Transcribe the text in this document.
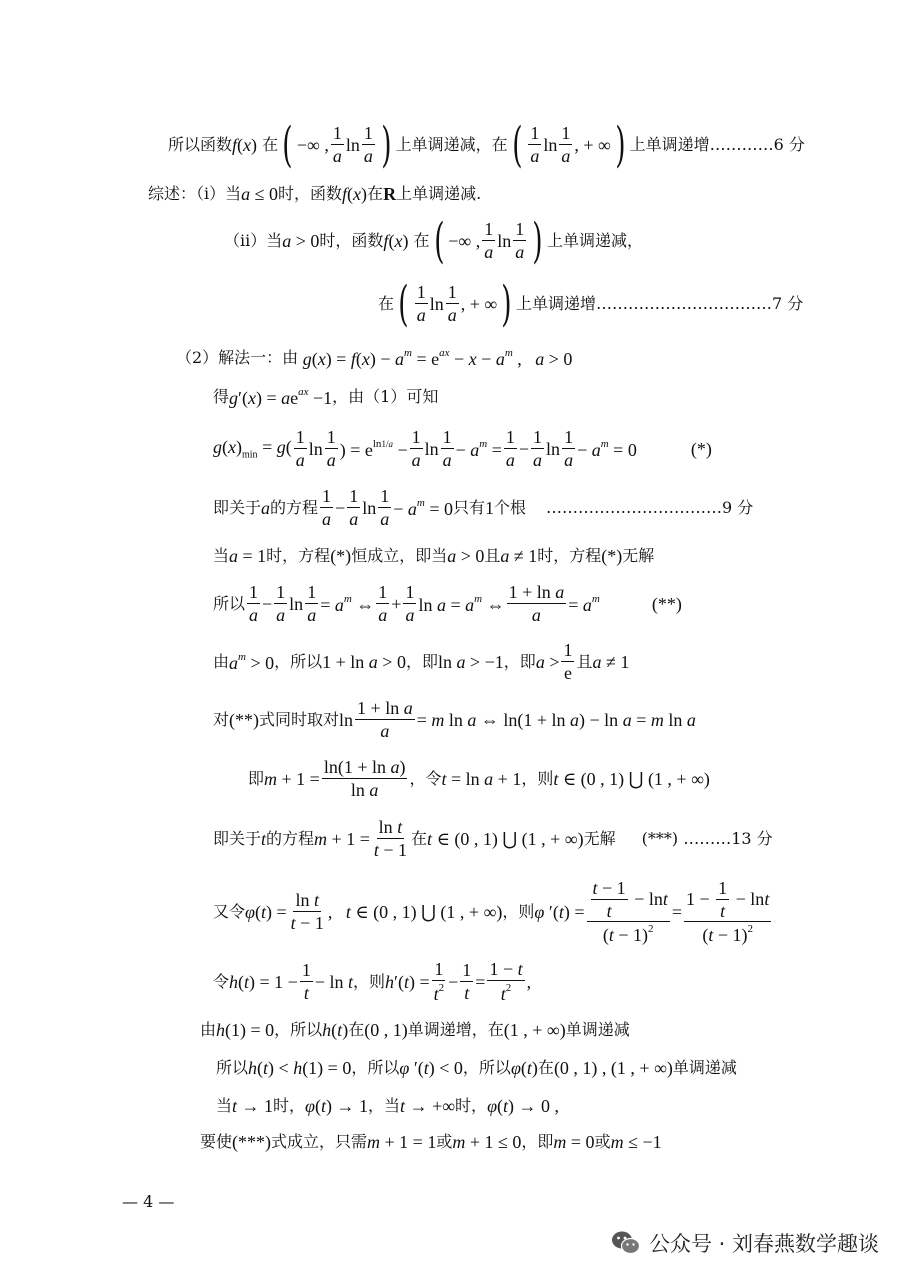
所以函数 f(x) 在 ( −∞ , $\frac{1}{a}$ $\ln \frac{1}{a}$ ) 上单调递减，在 ( $\frac{1}{a}$ $\ln \frac{1}{a}$ , + ∞ ) 上单调递增…………6 分
综述：（i）当 a ≤ 0 时，函数 f(x) 在 R 上单调递减.
（ii）当 a > 0 时，函数 f(x) 在 ( −∞ , $\frac{1}{a}$ $\ln \frac{1}{a}$ ) 上单调递减，
在 ( $\frac{1}{a}$ $\ln \frac{1}{a}$ , + ∞ ) 上单调递增……………………………7 分
（2）解法一：由 $g(x) = f(x) - a^m = e^{ax} - x - a^m$ ,   a > 0
得 $g'(x) = ae^{ax} -1$ ，由（1）可知
$g(x)_{min} = g( \frac{1}{a}$ $\ln \frac{1}{a}$ ) = $e^{ln1/a} - \frac{1}{a}$ $\ln \frac{1}{a} - a^m = \frac{1}{a} - \frac{1}{a}$ $\ln \frac{1}{a} - a^m = 0$	(*)
即关于 a 的方程 $\frac{1}{a} - \frac{1}{a}$ $\ln \frac{1}{a} - a^m = 0$ 只有 1 个根 ……………………………9 分
当 a = 1 时，方程 (*) 恒成立，即当 a > 0 且 a ≠ 1 时，方程 (*) 无解
所以 $\frac{1}{a} - \frac{1}{a}$ $\ln \frac{1}{a} = a^m$ ⇔ $\frac{1}{a} + \frac{1}{a}$ $\ln a = a^m$ ⇔ $\frac{\text{1 + ln a}}{a} = a^m$	(**)
由 $a^m > 0$ ，所以 1 + ln a > 0 ，即 ln a > −1 ，即 $a > \frac{1}{e}$ 且 a ≠ 1
对 (**) 式同时取对 $\ln \frac{\text{1 + ln a}}{a} = m$ ln a ⇔ ln(1 + ln a) − ln a = m ln a
即 $m + 1 = \frac{\text{ln(1 + ln a)}}{\text{ln a}}$ ，令 t = ln a + 1 ，则 t ∈ (0 , 1) ⋃ (1 , + ∞)
即关于 t 的方程 $m + 1 = \frac{\text{ln t}}{t - 1}$ 在 t ∈ (0 , 1) ⋃ (1 , + ∞) 无解 (***) ………13 分
又令 $\varphi(t) = \frac{\text{ln t}}{t - 1}$ ,   t ∈ (0 , 1) ⋃ (1 , + ∞) ，则 φ $'(t) = \frac{\frac{t - 1}{t} - \ln t}{(t - 1)^2} = \frac{1 - \frac{1}{t} - \ln t}{(t - 1)^2}$
令 $h(t) = 1 - \frac{1}{t} - \ln t$ ，则 $h'(t) = \frac{1}{t^2} - \frac{1}{t} = \frac{1 - t}{t^2}$ ,
由 h(1) = 0 ，所以 h(t) 在 (0 , 1) 单调递增，在 (1 , + ∞) 单调递减
所以 h(t) < h(1) = 0 ，所以 φ ′(t) < 0 ，所以 φ(t) 在 (0 , 1) , (1 , + ∞) 单调递减
当 t → 1 时， φ(t) → 1 ，当 t → +∞ 时， φ(t) → 0 ,
要使 (***) 式成立，只需 m + 1 = 1 或 m + 1 ≤ 0 ，即 m = 0 或 m ≤ −1
— 4 —
公众号 · 刘春燕数学趣谈
